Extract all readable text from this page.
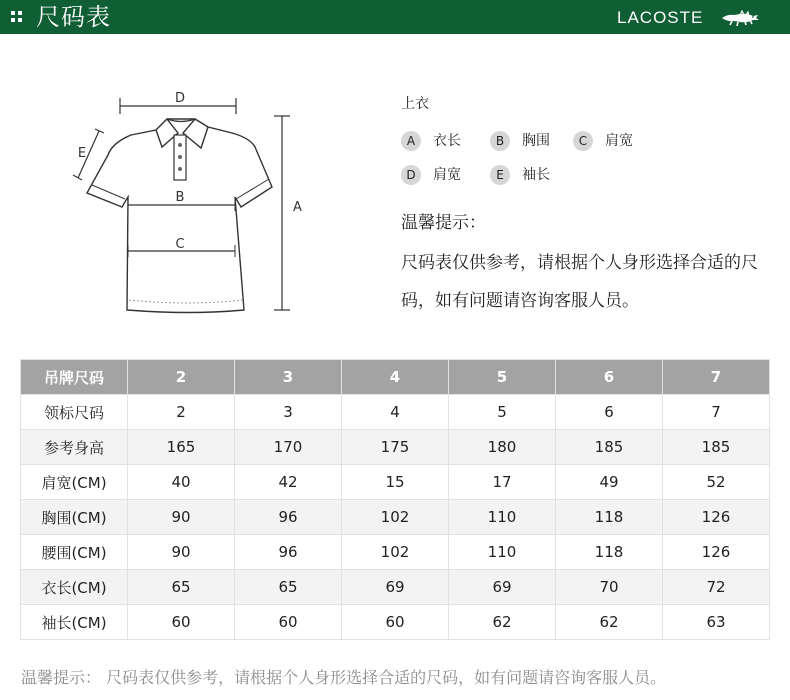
尺码表	LACOSTE
D
E
B
C
A
上衣
A	衣长	B	胸围	C	肩宽
D	肩宽	E	袖长
温馨提示：
尺码表仅供参考，请根据个人身形选择合适的尺码，如有问题请咨询客服人员。
吊牌尺码	2	3	4	5	6	7
领标尺码	2	3	4	5	6	7
参考身高	165	170	175	180	185	185
肩宽(CM)	40	42	15	17	49	52
胸围(CM)	90	96	102	110	118	126
腰围(CM)	90	96	102	110	118	126
衣长(CM)	65	65	69	69	70	72
袖长(CM)	60	60	60	62	62	63
温馨提示： 尺码表仅供参考，请根据个人身形选择合适的尺码，如有问题请咨询客服人员。
